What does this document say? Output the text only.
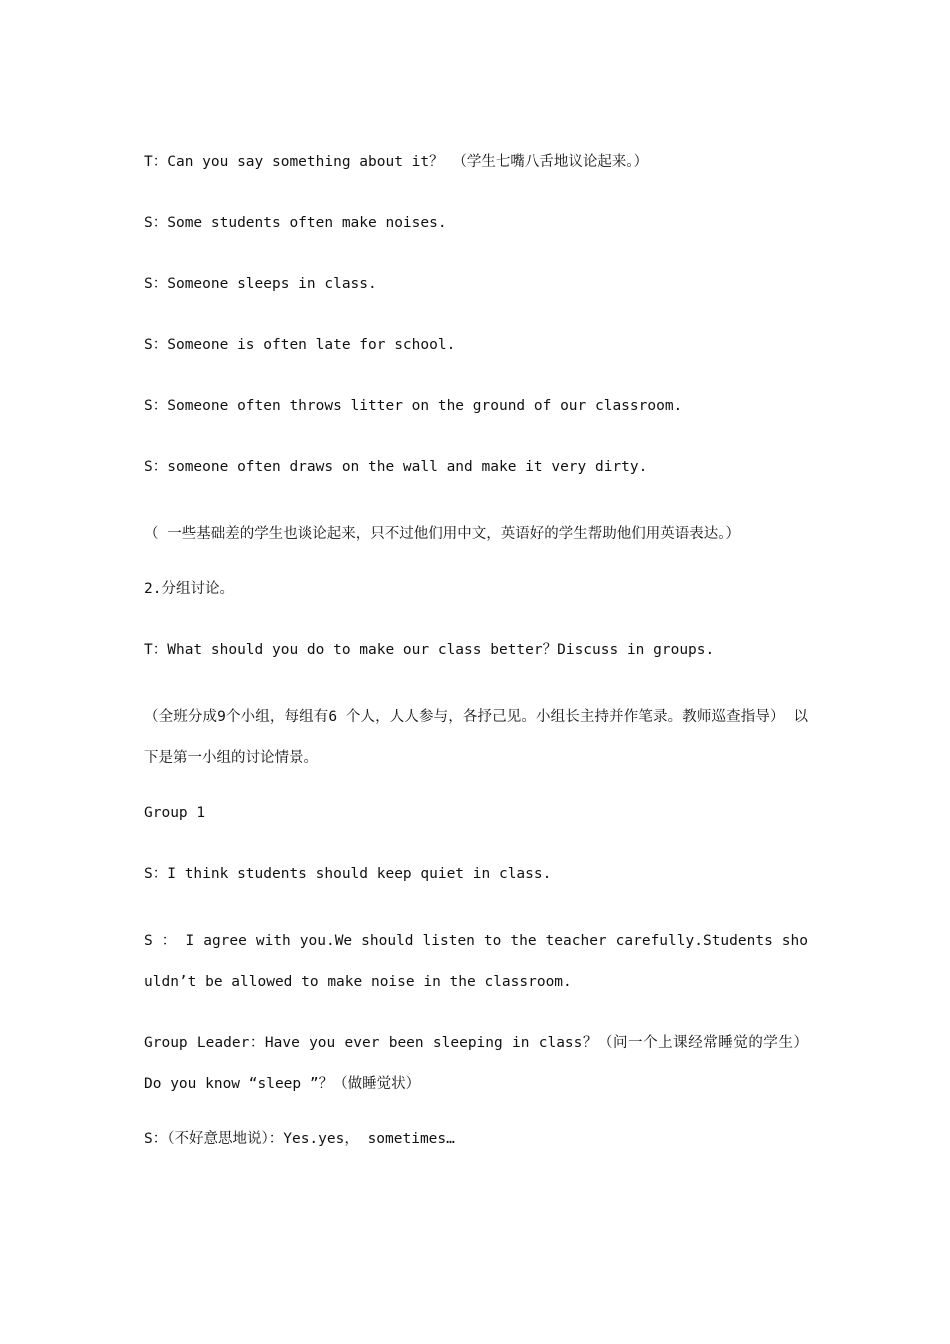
T：Can you say something about it？ （学生七嘴八舌地议论起来。）

S：Some students often make noises.

S：Someone sleeps in class.

S：Someone is often late for school.

S：Someone often throws litter on the ground of our classroom.

S：someone often draws on the wall and make it very dirty.

（ 一些基础差的学生也谈论起来，只不过他们用中文，英语好的学生帮助他们用英语表达。）

2.分组讨论。

T：What should you do to make our class better？Discuss in groups.

（全班分成9个小组，每组有6 个人，人人参与，各抒己见。小组长主持并作笔录。教师巡查指导） 以下是第一小组的讨论情景。

Group 1

S：I think students should keep quiet in class.

S ： I agree with you.We should listen to the teacher carefully.Students shouldn’t be allowed to make noise in the classroom.

Group Leader：Have you ever been sleeping in class？（问一个上课经常睡觉的学生） Do you know “sleep ”？（做睡觉状）

S：（不好意思地说）：Yes.yes， sometimes…
